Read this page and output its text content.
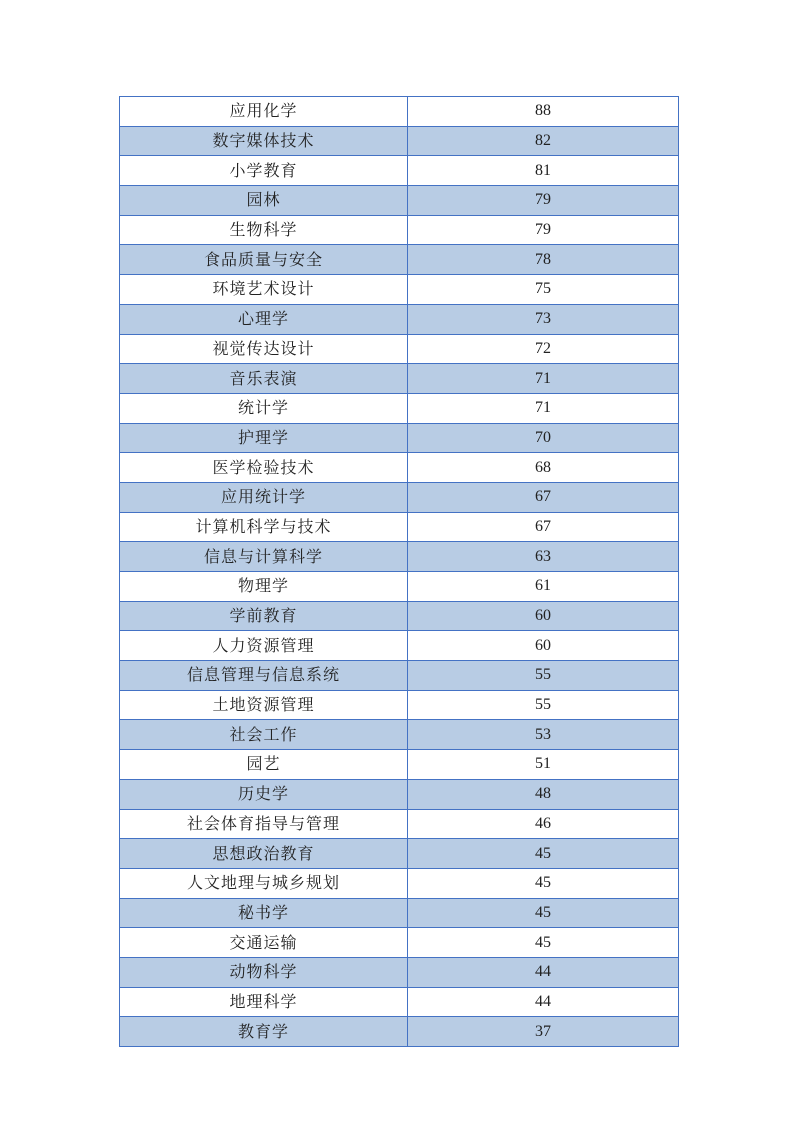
应用化学	88
数字媒体技术	82
小学教育	81
园林	79
生物科学	79
食品质量与安全	78
环境艺术设计	75
心理学	73
视觉传达设计	72
音乐表演	71
统计学	71
护理学	70
医学检验技术	68
应用统计学	67
计算机科学与技术	67
信息与计算科学	63
物理学	61
学前教育	60
人力资源管理	60
信息管理与信息系统	55
土地资源管理	55
社会工作	53
园艺	51
历史学	48
社会体育指导与管理	46
思想政治教育	45
人文地理与城乡规划	45
秘书学	45
交通运输	45
动物科学	44
地理科学	44
教育学	37
